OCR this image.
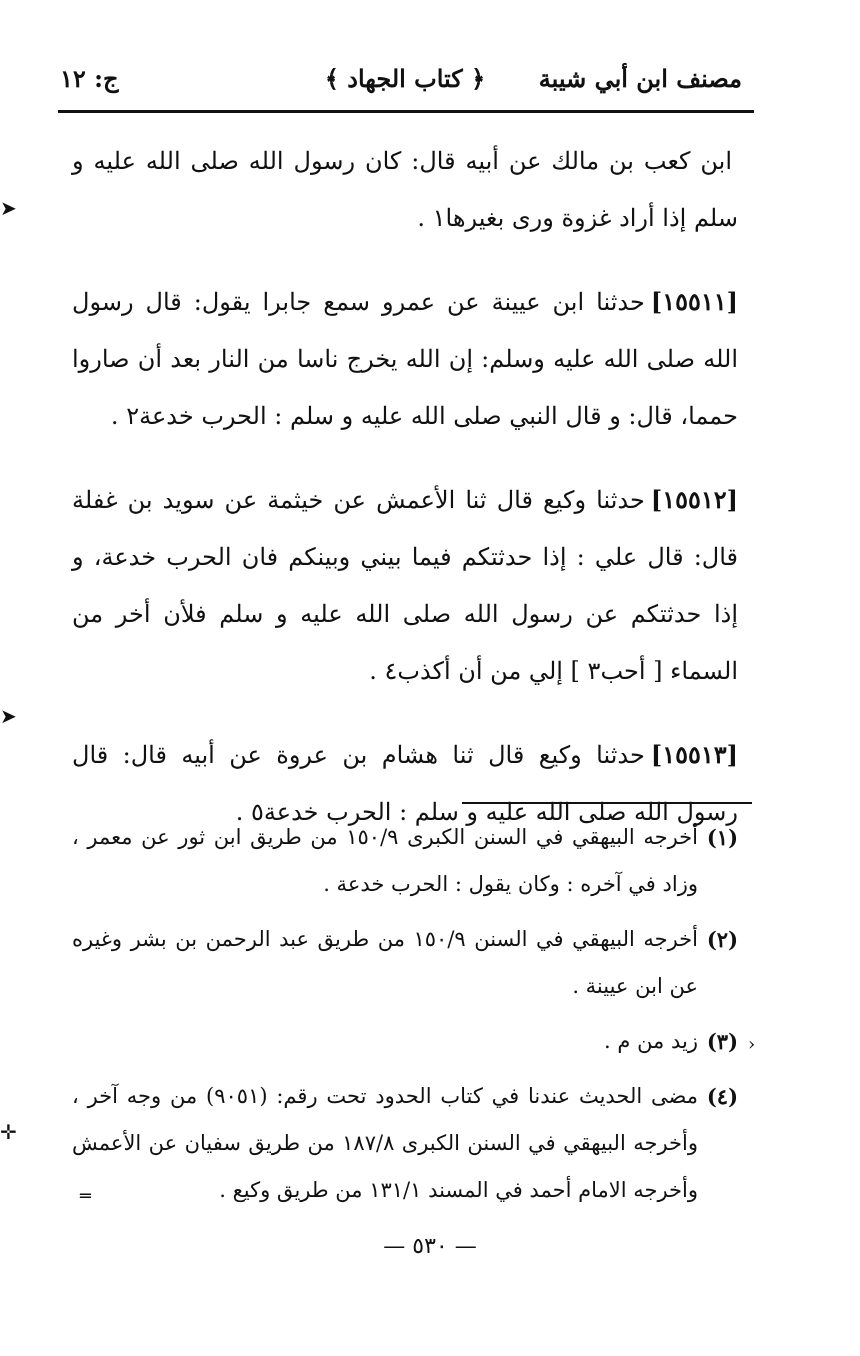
مصنف ابن أبي شيبة
﴿ كتاب الجهاد ﴾
ج: ١٢

ابن كعب بن مالك عن أبيه قال: كان رسول الله صلى الله عليه و سلم إذا أراد غزوة ورى بغيرها١ .

[١٥٥١١]حدثنا ابن عيينة عن عمرو سمع جابرا يقول: قال رسول الله صلى الله عليه وسلم: إن الله يخرج ناسا من النار بعد أن صاروا حمما، قال: و قال النبي صلى الله عليه و سلم : الحرب خدعة٢ .

[١٥٥١٢]حدثنا وكيع قال ثنا الأعمش عن خيثمة عن سويد بن غفلة قال: قال علي : إذا حدثتكم فيما بيني وبينكم فان الحرب خدعة، و إذا حدثتكم عن رسول الله صلى الله عليه و سلم فلأن أخر من السماء [ أحب٣ ] إلي من أن أكذب٤ .

[١٥٥١٣]حدثنا وكيع قال ثنا هشام بن عروة عن أبيه قال: قال رسول الله صلى الله عليه و سلم : الحرب خدعة٥ .

(١)
أخرجه البيهقي في السنن الكبرى ١٥٠/٩ من طريق ابن ثور عن معمر ، وزاد في آخره : وكان يقول : الحرب خدعة .
(٢)
أخرجه البيهقي في السنن ١٥٠/٩ من طريق عبد الرحمن بن بشر وغيره عن ابن عيينة .
(٣)
زيد من م .
(٤)
مضى الحديث عندنا في كتاب الحدود تحت رقم: (٩٠٥١) من وجه آخر ، وأخرجه البيهقي في السنن الكبرى ١٨٧/٨ من طريق سفيان عن الأعمش وأخرجه الامام أحمد في المسند ١٣١/١ من طريق وكيع .
— ٥٣٠ —
➤
➤
✛
›
═
